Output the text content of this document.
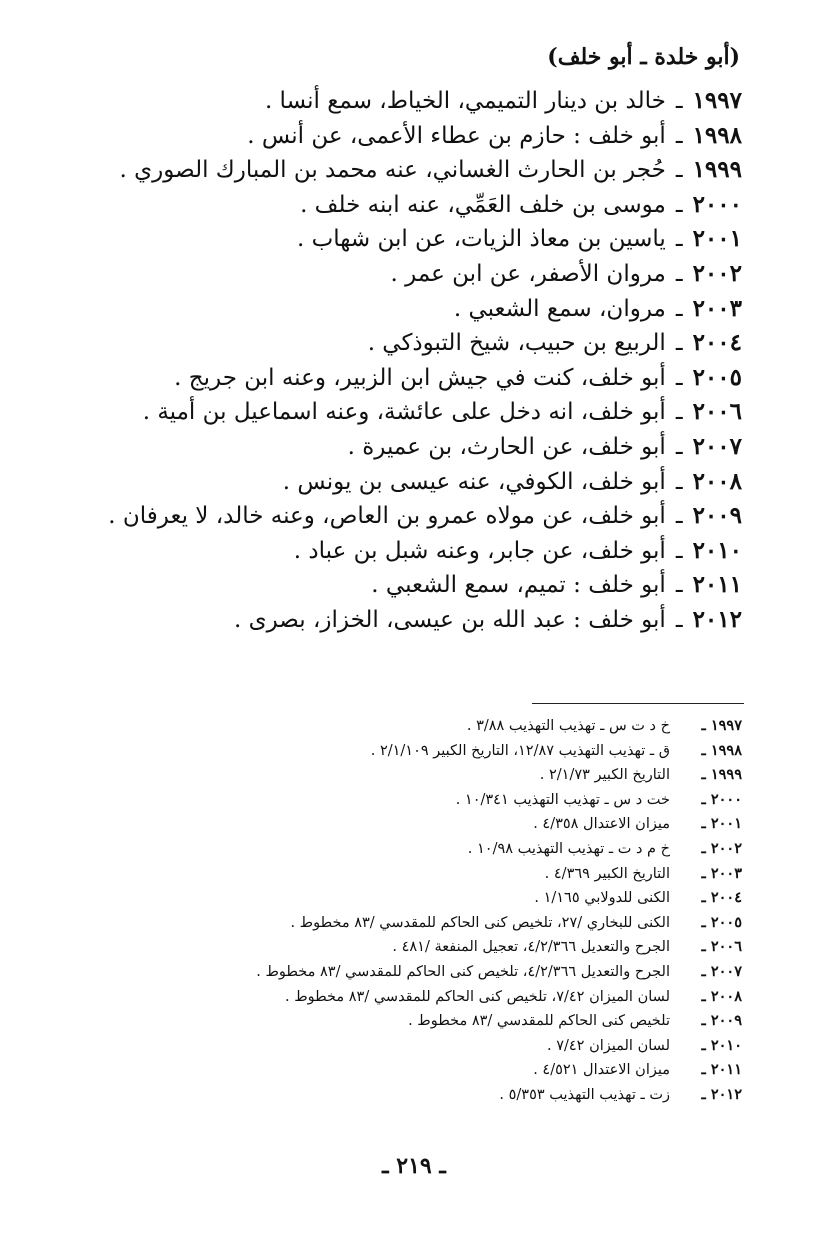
(أبو خلدة ـ أبو خلف)
١٩٩٧
ـ
خالد بن دينار التميمي، الخياط، سمع أنسا .
١٩٩٨
ـ
أبو خلف : حازم بن عطاء الأعمى، عن أنس .
١٩٩٩
ـ
حُجر بن الحارث الغساني، عنه محمد بن المبارك الصوري .
٢٠٠٠
ـ
موسى بن خلف العَمِّي، عنه ابنه خلف .
٢٠٠١
ـ
ياسين بن معاذ الزيات، عن ابن شهاب .
٢٠٠٢
ـ
مروان الأصفر، عن ابن عمر .
٢٠٠٣
ـ
مروان، سمع الشعبي .
٢٠٠٤
ـ
الربيع بن حبيب، شيخ التبوذكي .
٢٠٠٥
ـ
أبو خلف، كنت في جيش ابن الزبير، وعنه ابن جريج .
٢٠٠٦
ـ
أبو خلف، انه دخل على عائشة، وعنه اسماعيل بن أمية .
٢٠٠٧
ـ
أبو خلف، عن الحارث، بن عميرة .
٢٠٠٨
ـ
أبو خلف، الكوفي، عنه عيسى بن يونس .
٢٠٠٩
ـ
أبو خلف، عن مولاه عمرو بن العاص، وعنه خالد، لا يعرفان .
٢٠١٠
ـ
أبو خلف، عن جابر، وعنه شبل بن عباد .
٢٠١١
ـ
أبو خلف : تميم، سمع الشعبي .
٢٠١٢
ـ
أبو خلف : عبد الله بن عيسى، الخزاز، بصرى .
١٩٩٧ ـ
خ د ت س ـ تهذيب التهذيب ٣/٨٨ .
١٩٩٨ ـ
ق ـ تهذيب التهذيب ١٢/٨٧، التاريخ الكبير ٢/١/١٠٩ .
١٩٩٩ ـ
التاريخ الكبير ٢/١/٧٣ .
٢٠٠٠ ـ
خت د س ـ تهذيب التهذيب ١٠/٣٤١ .
٢٠٠١ ـ
ميزان الاعتدال ٤/٣٥٨ .
٢٠٠٢ ـ
خ م د ت ـ تهذيب التهذيب ١٠/٩٨ .
٢٠٠٣ ـ
التاريخ الكبير ٤/٣٦٩ .
٢٠٠٤ ـ
الكنى للدولابي ١/١٦٥ .
٢٠٠٥ ـ
الكنى للبخاري /٢٧، تلخيص كنى الحاكم للمقدسي /٨٣ مخطوط .
٢٠٠٦ ـ
الجرح والتعديل ٤/٢/٣٦٦، تعجيل المنفعة /٤٨١ .
٢٠٠٧ ـ
الجرح والتعديل ٤/٢/٣٦٦، تلخيص كنى الحاكم للمقدسي /٨٣ مخطوط .
٢٠٠٨ ـ
لسان الميزان ٧/٤٢، تلخيص كنى الحاكم للمقدسي /٨٣ مخطوط .
٢٠٠٩ ـ
تلخيص كنى الحاكم للمقدسي /٨٣ مخطوط .
٢٠١٠ ـ
لسان الميزان ٧/٤٢ .
٢٠١١ ـ
ميزان الاعتدال ٤/٥٢١ .
٢٠١٢ ـ
زت ـ تهذيب التهذيب ٥/٣٥٣ .
ـ ٢١٩ ـ
